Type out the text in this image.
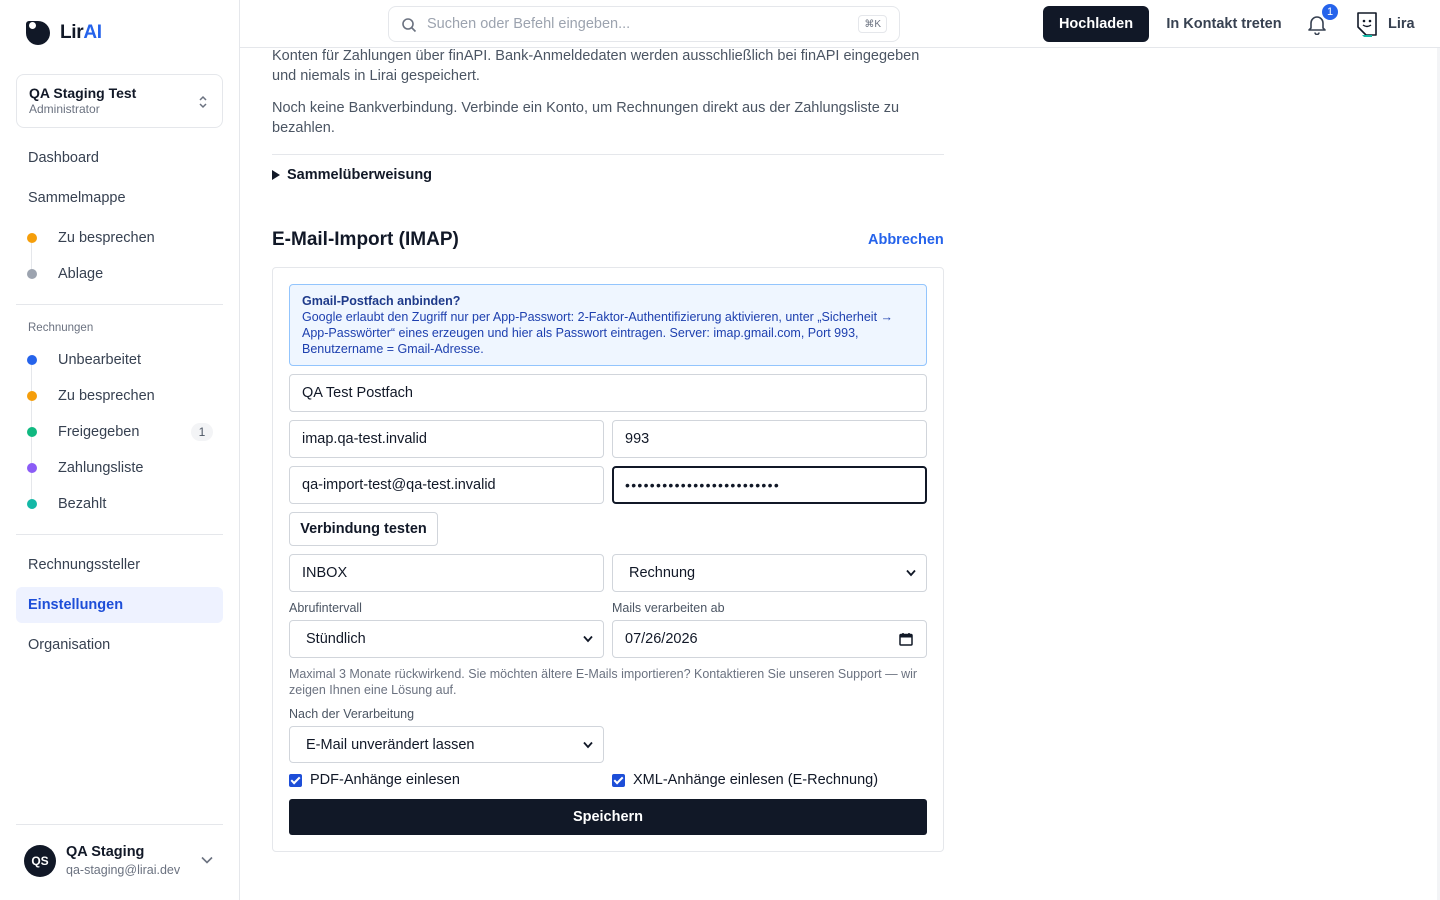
LirAI
QA Staging Test
Administrator
Dashboard
Sammelmappe
Zu besprechen
Ablage
Rechnungen
Unbearbeitet
Zu besprechen
Freigegeben	1
Zahlungsliste
Bezahlt
Rechnungssteller
Einstellungen
Organisation
QS
QA Staging
qa-staging@lirai.dev
Suchen oder Befehl eingeben...	⌘K	Hochladen	In Kontakt treten
1
Lira
Konten für Zahlungen über finAPI. Bank-Anmeldedaten werden ausschließlich bei finAPI eingegeben und niemals in Lirai gespeichert.
Noch keine Bankverbindung. Verbinde ein Konto, um Rechnungen direkt aus der Zahlungsliste zu bezahlen.
Sammelüberweisung
E-Mail-Import (IMAP)	Abbrechen
Gmail-Postfach anbinden?
Google erlaubt den Zugriff nur per App-Passwort: 2-Faktor-Authentifizierung aktivieren, unter „Sicherheit → App-Passwörter“ eines erzeugen und hier als Passwort eintragen. Server: imap.gmail.com, Port 993, Benutzername = Gmail-Adresse.
QA Test Postfach
imap.qa-test.invalid	993
qa-import-test@qa-test.invalid	•••••••••••••••••••••••••
Verbindung testen
INBOX	Rechnung
Abrufintervall	Mails verarbeiten ab
Stündlich	07/26/2026
Maximal 3 Monate rückwirkend. Sie möchten ältere E-Mails importieren? Kontaktieren Sie unseren Support — wir zeigen Ihnen eine Lösung auf.
Nach der Verarbeitung
E-Mail unverändert lassen
PDF-Anhänge einlesen	XML-Anhänge einlesen (E-Rechnung)
Speichern
